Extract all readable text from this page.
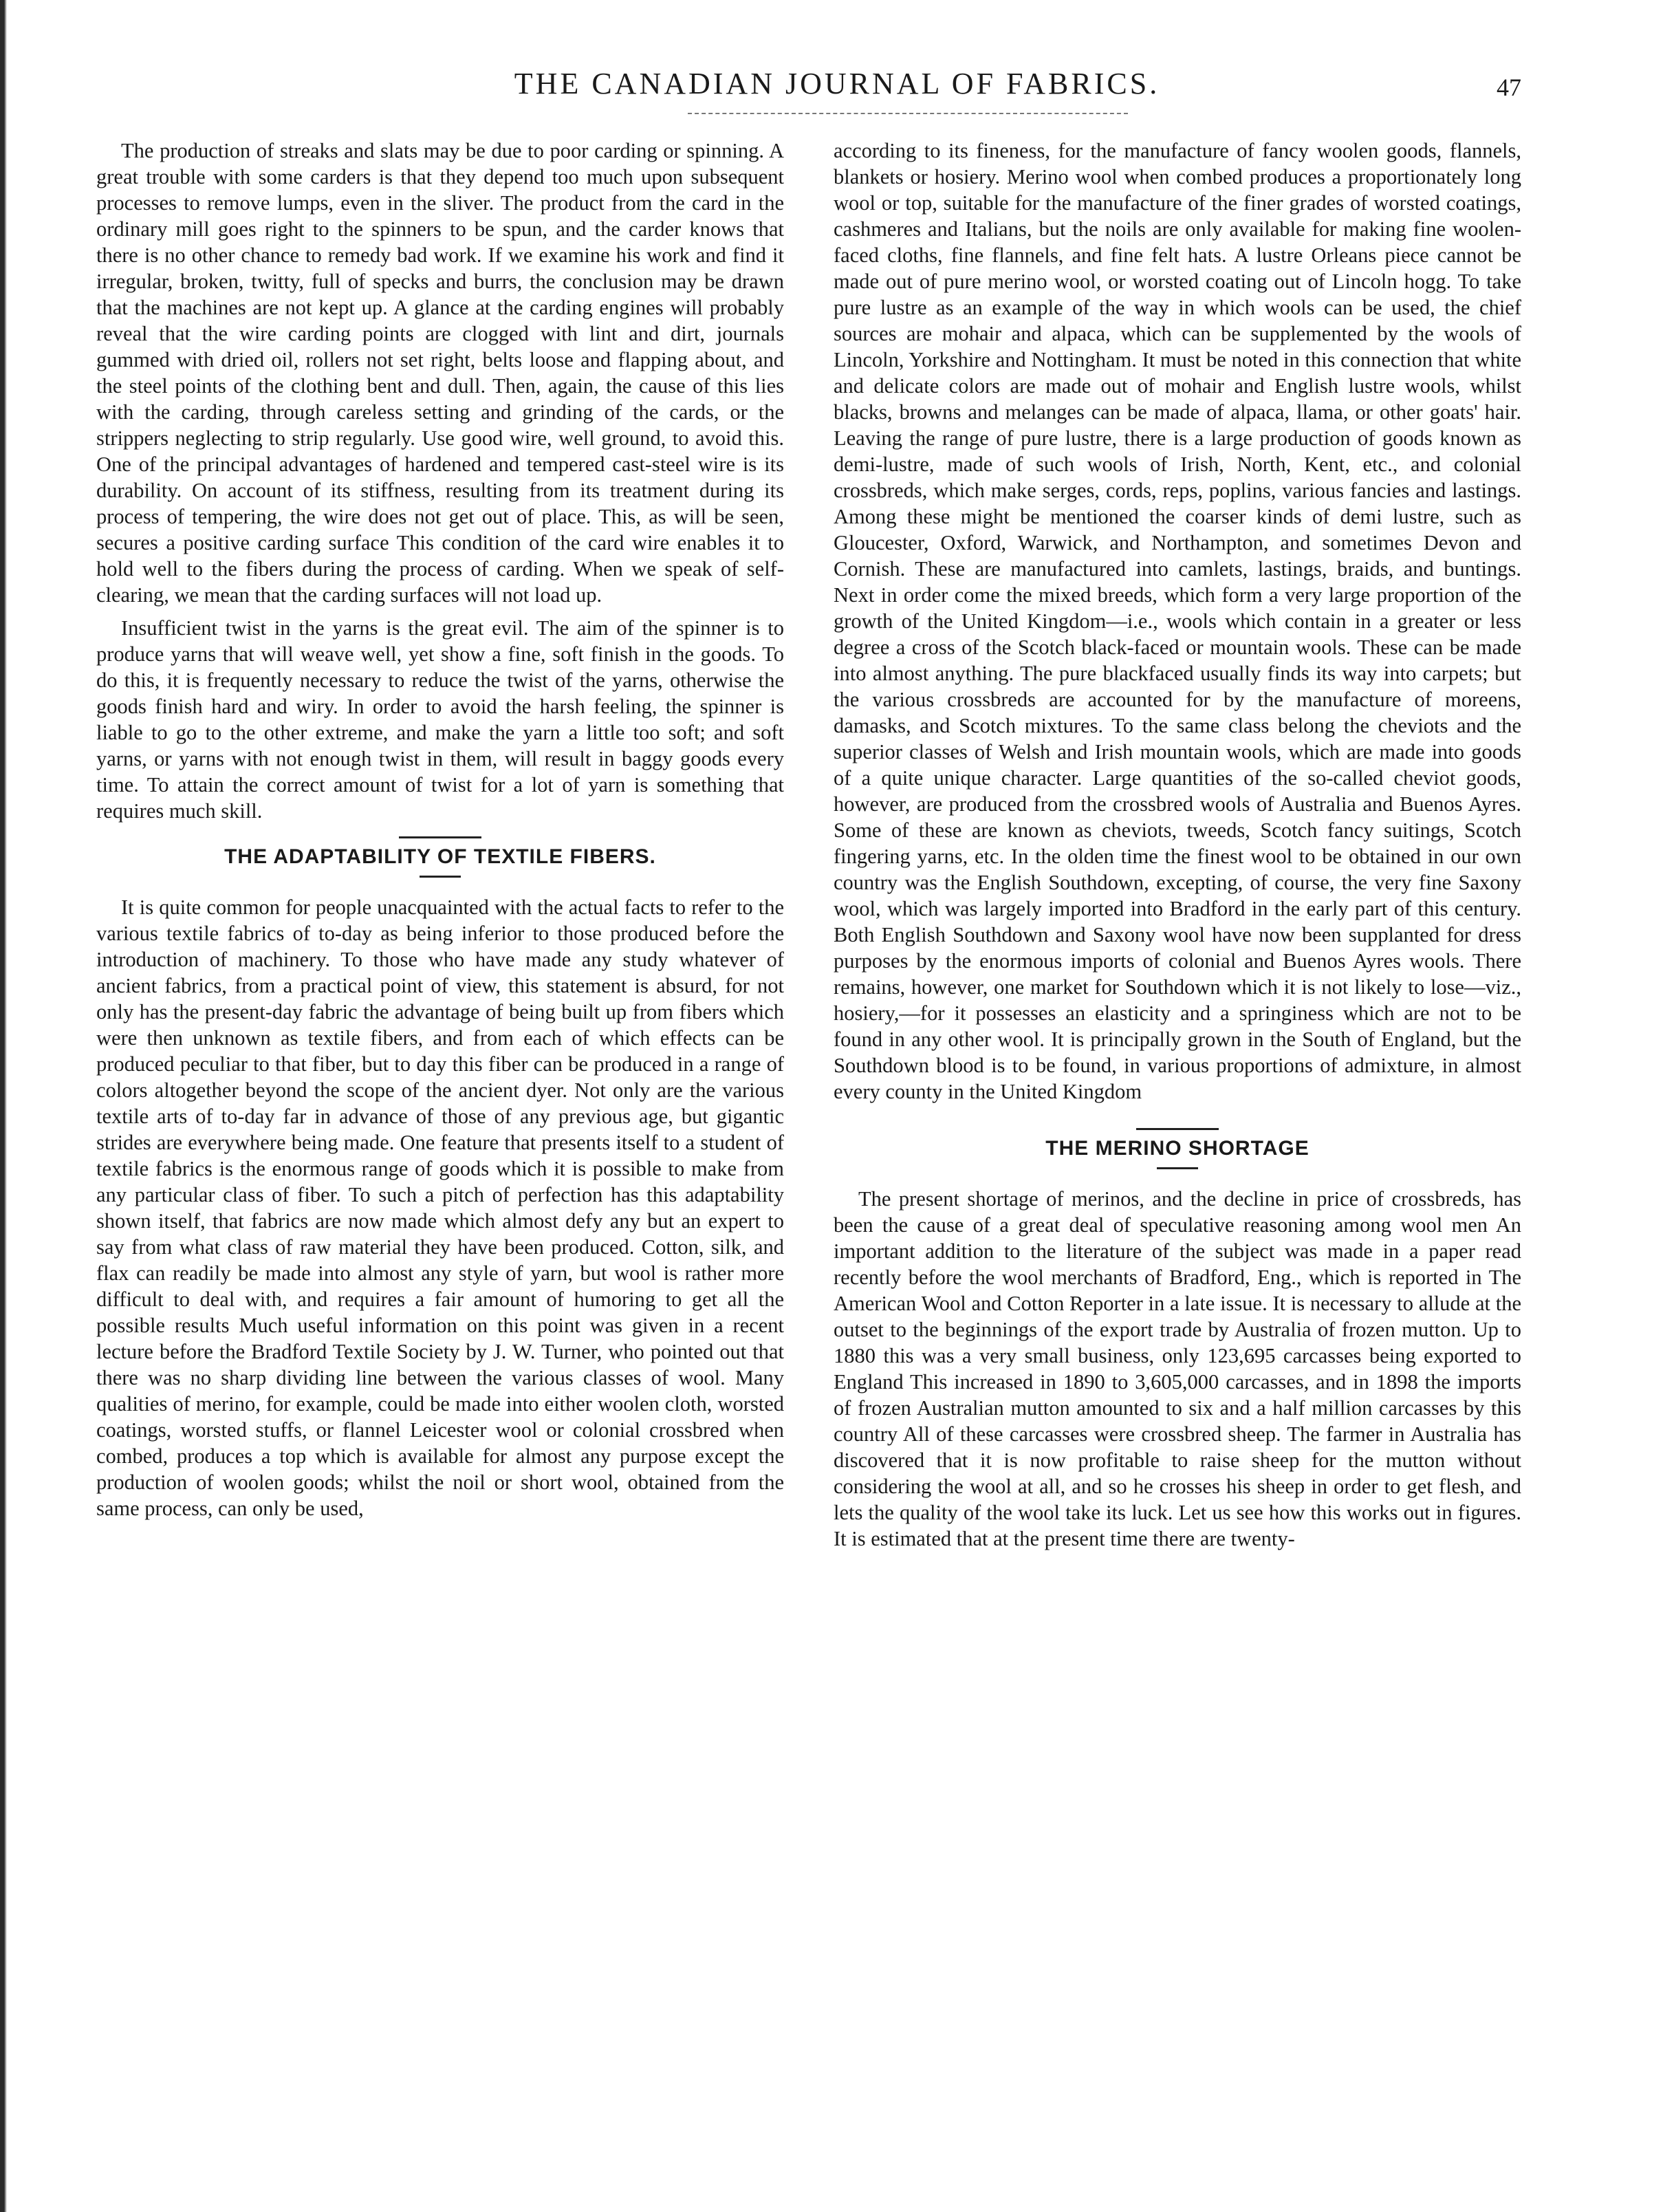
THE CANADIAN JOURNAL OF FABRICS.	47

The production of streaks and slats may be due to poor carding or spinning. A great trouble with some carders is that they depend too much upon subsequent processes to remove lumps, even in the sliver. The product from the card in the ordinary mill goes right to the spinners to be spun, and the carder knows that there is no other chance to remedy bad work. If we examine his work and find it irregular, broken, twitty, full of specks and burrs, the conclusion may be drawn that the machines are not kept up. A glance at the carding engines will probably reveal that the wire carding points are clogged with lint and dirt, journals gummed with dried oil, rollers not set right, belts loose and flapping about, and the steel points of the clothing bent and dull. Then, again, the cause of this lies with the carding, through careless setting and grinding of the cards, or the strippers neglecting to strip regularly. Use good wire, well ground, to avoid this. One of the principal advantages of hardened and tempered cast-steel wire is its durability. On account of its stiffness, resulting from its treatment during its process of tempering, the wire does not get out of place. This, as will be seen, secures a positive carding surface This condition of the card wire enables it to hold well to the fibers during the process of carding. When we speak of self-clearing, we mean that the carding surfaces will not load up.

Insufficient twist in the yarns is the great evil. The aim of the spinner is to produce yarns that will weave well, yet show a fine, soft finish in the goods. To do this, it is frequently necessary to reduce the twist of the yarns, otherwise the goods finish hard and wiry. In order to avoid the harsh feeling, the spinner is liable to go to the other extreme, and make the yarn a little too soft; and soft yarns, or yarns with not enough twist in them, will result in baggy goods every time. To attain the correct amount of twist for a lot of yarn is something that requires much skill.

THE ADAPTABILITY OF TEXTILE FIBERS.

It is quite common for people unacquainted with the actual facts to refer to the various textile fabrics of to-day as being inferior to those produced before the introduction of machinery. To those who have made any study whatever of ancient fabrics, from a practical point of view, this statement is absurd, for not only has the present-day fabric the advantage of being built up from fibers which were then unknown as textile fibers, and from each of which effects can be produced peculiar to that fiber, but to day this fiber can be produced in a range of colors altogether beyond the scope of the ancient dyer. Not only are the various textile arts of to-day far in advance of those of any previous age, but gigantic strides are everywhere being made. One feature that presents itself to a student of textile fabrics is the enormous range of goods which it is possible to make from any particular class of fiber. To such a pitch of perfection has this adaptability shown itself, that fabrics are now made which almost defy any but an expert to say from what class of raw material they have been produced. Cotton, silk, and flax can readily be made into almost any style of yarn, but wool is rather more difficult to deal with, and requires a fair amount of humoring to get all the possible results Much useful information on this point was given in a recent lecture before the Bradford Textile Society by J. W. Turner, who pointed out that there was no sharp dividing line between the various classes of wool. Many qualities of merino, for example, could be made into either woolen cloth, worsted coatings, worsted stuffs, or flannel Leicester wool or colonial crossbred when combed, produces a top which is available for almost any purpose except the production of woolen goods; whilst the noil or short wool, obtained from the same process, can only be used,

according to its fineness, for the manufacture of fancy woolen goods, flannels, blankets or hosiery. Merino wool when combed produces a proportionately long wool or top, suitable for the manufacture of the finer grades of worsted coatings, cashmeres and Italians, but the noils are only available for making fine woolen-faced cloths, fine flannels, and fine felt hats. A lustre Orleans piece cannot be made out of pure merino wool, or worsted coating out of Lincoln hogg. To take pure lustre as an example of the way in which wools can be used, the chief sources are mohair and alpaca, which can be supplemented by the wools of Lincoln, Yorkshire and Nottingham. It must be noted in this connection that white and delicate colors are made out of mohair and English lustre wools, whilst blacks, browns and melanges can be made of alpaca, llama, or other goats' hair. Leaving the range of pure lustre, there is a large production of goods known as demi-lustre, made of such wools of Irish, North, Kent, etc., and colonial crossbreds, which make serges, cords, reps, poplins, various fancies and lastings. Among these might be mentioned the coarser kinds of demi lustre, such as Gloucester, Oxford, Warwick, and Northampton, and sometimes Devon and Cornish. These are manufactured into camlets, lastings, braids, and buntings. Next in order come the mixed breeds, which form a very large proportion of the growth of the United Kingdom—i.e., wools which contain in a greater or less degree a cross of the Scotch black-faced or mountain wools. These can be made into almost anything. The pure blackfaced usually finds its way into carpets; but the various crossbreds are accounted for by the manufacture of moreens, damasks, and Scotch mixtures. To the same class belong the cheviots and the superior classes of Welsh and Irish mountain wools, which are made into goods of a quite unique character. Large quantities of the so-called cheviot goods, however, are produced from the crossbred wools of Australia and Buenos Ayres. Some of these are known as cheviots, tweeds, Scotch fancy suitings, Scotch fingering yarns, etc. In the olden time the finest wool to be obtained in our own country was the English Southdown, excepting, of course, the very fine Saxony wool, which was largely imported into Bradford in the early part of this century. Both English Southdown and Saxony wool have now been supplanted for dress purposes by the enormous imports of colonial and Buenos Ayres wools. There remains, however, one market for Southdown which it is not likely to lose—viz., hosiery,—for it possesses an elasticity and a springiness which are not to be found in any other wool. It is principally grown in the South of England, but the Southdown blood is to be found, in various proportions of admixture, in almost every county in the United Kingdom

THE MERINO SHORTAGE

The present shortage of merinos, and the decline in price of crossbreds, has been the cause of a great deal of speculative reasoning among wool men An important addition to the literature of the subject was made in a paper read recently before the wool merchants of Bradford, Eng., which is reported in The American Wool and Cotton Reporter in a late issue. It is necessary to allude at the outset to the beginnings of the export trade by Australia of frozen mutton. Up to 1880 this was a very small business, only 123,695 carcasses being exported to England This increased in 1890 to 3,605,000 carcasses, and in 1898 the imports of frozen Australian mutton amounted to six and a half million carcasses by this country All of these carcasses were crossbred sheep. The farmer in Australia has discovered that it is now profitable to raise sheep for the mutton without considering the wool at all, and so he crosses his sheep in order to get flesh, and lets the quality of the wool take its luck. Let us see how this works out in figures. It is estimated that at the present time there are twenty-
